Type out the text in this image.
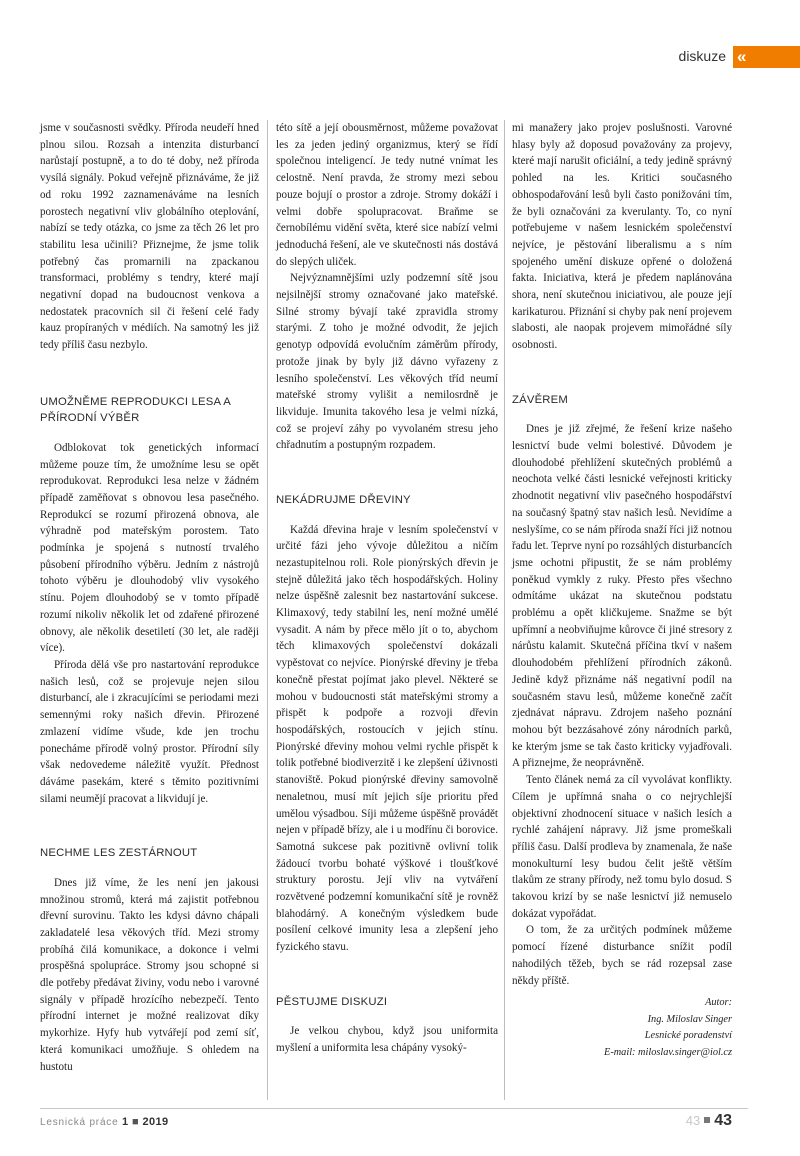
diskuze «

jsme v současnosti svědky. Příroda neudeří hned plnou silou. Rozsah a intenzita disturbancí narůstají postupně, a to do té doby, než příroda vysílá signály. Pokud veřejně přiznáváme, že již od roku 1992 zaznamenáváme na lesních porostech negativní vliv globálního oteplování, nabízí se tedy otázka, co jsme za těch 26 let pro stabilitu lesa učinili? Přiznejme, že jsme tolik potřebný čas promarnili na zpackanou transformaci, problémy s tendry, které mají negativní dopad na budoucnost venkova a nedostatek pracovních sil či řešení celé řady kauz propíraných v médiích. Na samotný les již tedy příliš času nezbylo.

UMOŽNĚME REPRODUKCI LESA A PŘÍRODNÍ VÝBĚR

Odblokovat tok genetických informací můžeme pouze tím, že umožníme lesu se opět reprodukovat. Reprodukci lesa nelze v žádném případě zaměňovat s obnovou lesa pasečného. Reprodukcí se rozumí přirozená obnova, ale výhradně pod mateřským porostem. Tato podmínka je spojená s nutností trvalého působení přírodního výběru. Jedním z nástrojů tohoto výběru je dlouhodobý vliv vysokého stínu. Pojem dlouhodobý se v tomto případě rozumí nikoliv několik let od zdařené přirozené obnovy, ale několik desetiletí (30 let, ale raději více).

Příroda dělá vše pro nastartování reprodukce našich lesů, což se projevuje nejen silou disturbancí, ale i zkracujícími se periodami mezi semennými roky našich dřevin. Přirozené zmlazení vidíme všude, kde jen trochu ponecháme přírodě volný prostor. Přírodní síly však nedovedeme náležitě využít. Přednost dáváme pasekám, které s těmito pozitivními silami neumějí pracovat a likvidují je.

NECHME LES ZESTÁRNOUT

Dnes již víme, že les není jen jakousi množinou stromů, která má zajistit potřebnou dřevní surovinu. Takto les kdysi dávno chápali zakladatelé lesa věkových tříd. Mezi stromy probíhá čilá komunikace, a dokonce i velmi prospěšná spolupráce. Stromy jsou schopné si dle potřeby předávat živiny, vodu nebo i varovné signály v případě hrozícího nebezpečí. Tento přírodní internet je možné realizovat díky mykorhize. Hyfy hub vytvářejí pod zemí síť, která komunikaci umožňuje. S ohledem na hustotu

této sítě a její obousměrnost, můžeme považovat les za jeden jediný organizmus, který se řídí společnou inteligencí. Je tedy nutné vnímat les celostně. Není pravda, že stromy mezi sebou pouze bojují o prostor a zdroje. Stromy dokáží i velmi dobře spolupracovat. Braňme se černobílému vidění světa, které sice nabízí velmi jednoduchá řešení, ale ve skutečnosti nás dostává do slepých uliček.

Nejvýznamnějšími uzly podzemní sítě jsou nejsilnější stromy označované jako mateřské. Silné stromy bývají také zpravidla stromy starými. Z toho je možné odvodit, že jejich genotyp odpovídá evolučním záměrům přírody, protože jinak by byly již dávno vyřazeny z lesního společenství. Les věkových tříd neumí mateřské stromy vylišit a nemilosrdně je likviduje. Imunita takového lesa je velmi nízká, což se projeví záhy po vyvolaném stresu jeho chřadnutím a postupným rozpadem.

NEKÁDRUJME DŘEVINY

Každá dřevina hraje v lesním společenství v určité fázi jeho vývoje důležitou a ničím nezastupitelnou roli. Role pionýrských dřevin je stejně důležitá jako těch hospodářských. Holiny nelze úspěšně zalesnit bez nastartování sukcese. Klimaxový, tedy stabilní les, není možné umělé vysadit. A nám by přece mělo jít o to, abychom těch klimaxových společenství dokázali vypěstovat co nejvíce. Pionýrské dřeviny je třeba konečně přestat pojímat jako plevel. Některé se mohou v budoucnosti stát mateřskými stromy a přispět k podpoře a rozvoji dřevin hospodářských, rostoucích v jejich stínu. Pionýrské dřeviny mohou velmi rychle přispět k tolik potřebné biodiverzitě i ke zlepšení úživnosti stanoviště. Pokud pionýrské dřeviny samovolně nenaletnou, musí mít jejich síje prioritu před umělou výsadbou. Síji můžeme úspěšně provádět nejen v případě břízy, ale i u modřínu či borovice. Samotná sukcese pak pozitivně ovlivní tolik žádoucí tvorbu bohaté výškové i tloušťkové struktury porostu. Její vliv na vytváření rozvětvené podzemní komunikační sítě je rovněž blahodárný. A konečným výsledkem bude posílení celkové imunity lesa a zlepšení jeho fyzického stavu.

PĚSTUJME DISKUZI

Je velkou chybou, když jsou uniformita myšlení a uniformita lesa chápány vysoký-

mi manažery jako projev poslušnosti. Varovné hlasy byly až doposud považovány za projevy, které mají narušit oficiální, a tedy jedině správný pohled na les. Kritici současného obhospodařování lesů byli často ponižováni tím, že byli označováni za kverulanty. To, co nyní potřebujeme v našem lesnickém společenství nejvíce, je pěstování liberalismu a s ním spojeného umění diskuze opřené o doložená fakta. Iniciativa, která je předem naplánována shora, není skutečnou iniciativou, ale pouze její karikaturou. Přiznání si chyby pak není projevem slabosti, ale naopak projevem mimořádné síly osobnosti.

ZÁVĚREM

Dnes je již zřejmé, že řešení krize našeho lesnictví bude velmi bolestivé. Důvodem je dlouhodobé přehlížení skutečných problémů a neochota velké části lesnické veřejnosti kriticky zhodnotit negativní vliv pasečného hospodářství na současný špatný stav našich lesů. Nevidíme a neslyšíme, co se nám příroda snaží říci již notnou řadu let. Teprve nyní po rozsáhlých disturbancích jsme ochotni připustit, že se nám problémy poněkud vymkly z ruky. Přesto přes všechno odmítáme ukázat na skutečnou podstatu problému a opět kličkujeme. Snažme se být upřímní a neobviňujme kůrovce či jiné stresory z nárůstu kalamit. Skutečná příčina tkví v našem dlouhodobém přehlížení přírodních zákonů. Jedině když přiznáme náš negativní podíl na současném stavu lesů, můžeme konečně začít zjednávat nápravu. Zdrojem našeho poznání mohou být bezzásahové zóny národních parků, ke kterým jsme se tak často kriticky vyjadřovali. A přiznejme, že neoprávněně.

Tento článek nemá za cíl vyvolávat konflikty. Cílem je upřímná snaha o co nejrychlejší objektivní zhodnocení situace v našich lesích a rychlé zahájení nápravy. Již jsme promeškali příliš času. Další prodleva by znamenala, že naše monokulturní lesy budou čelit ještě větším tlakům ze strany přírody, než tomu bylo dosud. S takovou krizí by se naše lesnictví již nemuselo dokázat vypořádat.

O tom, že za určitých podmínek můžeme pomocí řízené disturbance snížit podíl nahodilých těžeb, bych se rád rozepsal zase někdy příště.

Autor:
Ing. Miloslav Singer
Lesnické poradenství
E-mail: miloslav.singer@iol.cz
Lesnická práce 1 ■ 2019	43 43
